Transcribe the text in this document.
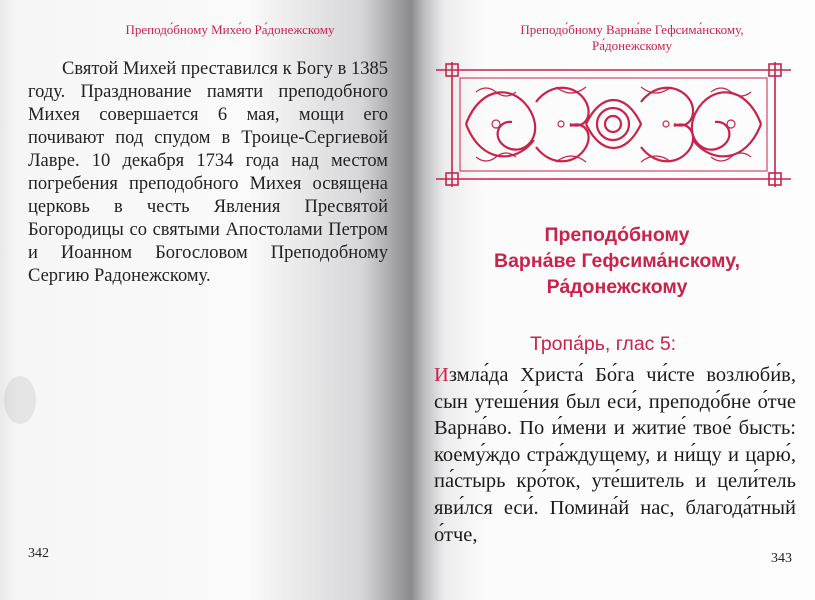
Преподо́бному Михе́ю Ра́донежскому

Святой Михей преставился к Богу в 1385 году. Празднование памяти преподобного Михея совершается 6 мая, мощи его почивают под спудом в Троице-Сергиевой Лавре. 10 декабря 1734 года над местом погребения преподобного Михея освящена церковь в честь Явления Пресвятой Богородицы со святыми Апостолами Петром и Иоанном Богословом Преподобному Сергию Радонежскому.

342
Преподо́бному Варна́ве Гефсима́нскому,
Ра́донежскому
Преподо́бному
Варна́ве Гефсима́нскому,
Ра́донежскому
Тропа́рь, глас 5:

Измла́да Христа́ Бо́га чи́сте возлюби́в, сын утеше́ния был еси́, преподо́бне о́тче Варна́во. По и́мени и житие́ твое́ бысть: коему́ждо стра́ждущему, и ни́щу и царю́, па́стырь кро́ток, уте́шитель и цели́тель яви́лся еси́. Помина́й нас, благода́тный о́тче,

343
